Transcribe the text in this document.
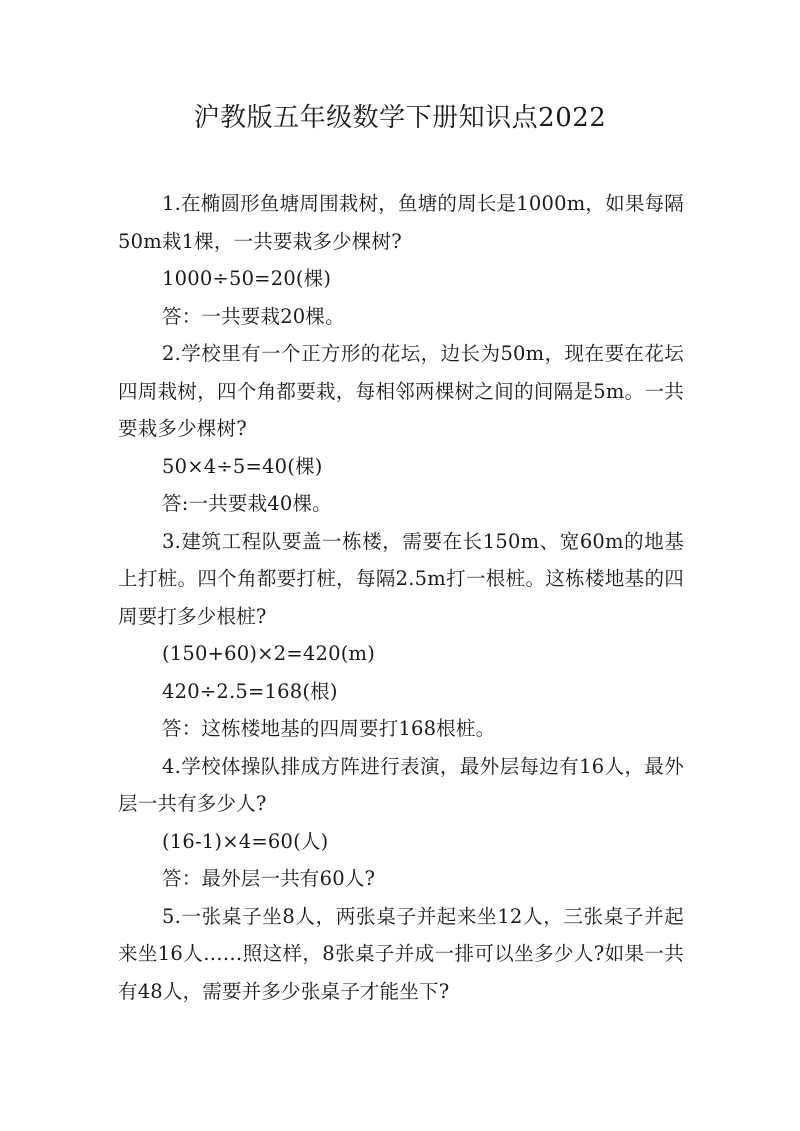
沪教版五年级数学下册知识点2022

1.在椭圆形鱼塘周围栽树，鱼塘的周长是1000m，如果每隔50m栽1棵，一共要栽多少棵树?

1000÷50=20(棵)

答：一共要栽20棵。

2.学校里有一个正方形的花坛，边长为50m，现在要在花坛四周栽树，四个角都要栽，每相邻两棵树之间的间隔是5m。一共要栽多少棵树?

50×4÷5=40(棵)

答:一共要栽40棵。

3.建筑工程队要盖一栋楼，需要在长150m、宽60m的地基上打桩。四个角都要打桩，每隔2.5m打一根桩。这栋楼地基的四周要打多少根桩?

(150+60)×2=420(m)

420÷2.5=168(根)

答：这栋楼地基的四周要打168根桩。

4.学校体操队排成方阵进行表演，最外层每边有16人，最外层一共有多少人?

(16-1)×4=60(人)

答：最外层一共有60人?

5.一张桌子坐8人，两张桌子并起来坐12人，三张桌子并起来坐16人……照这样，8张桌子并成一排可以坐多少人?如果一共有48人，需要并多少张桌子才能坐下?
